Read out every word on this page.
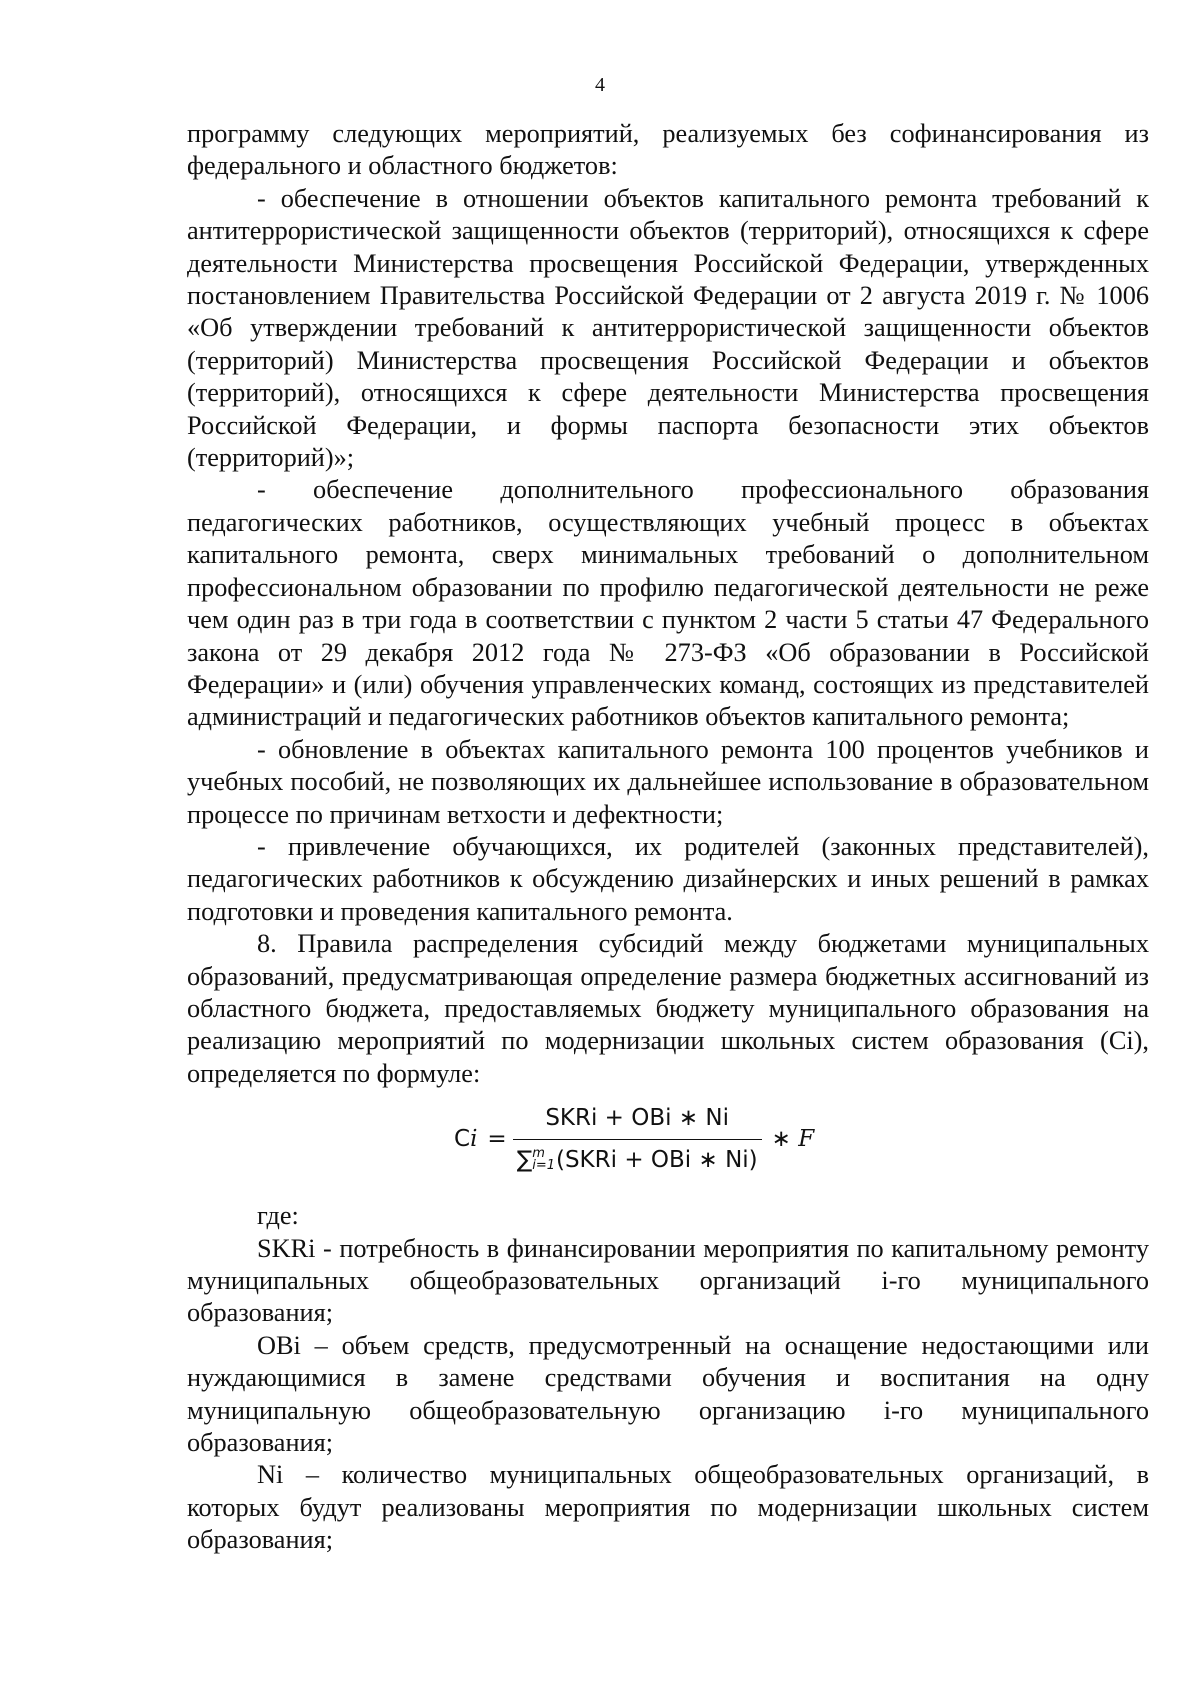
4

программу следующих мероприятий, реализуемых без софинансирования из федерального и областного бюджетов:

- обеспечение в отношении объектов капитального ремонта требований к антитеррористической защищенности объектов (территорий), относящихся к сфере деятельности Министерства просвещения Российской Федерации, утвержденных постановлением Правительства Российской Федерации от 2 августа 2019 г. № 1006 «Об утверждении требований к антитеррористической защищенности объектов (территорий) Министерства просвещения Российской Федерации и объектов (территорий), относящихся к сфере деятельности Министерства просвещения Российской Федерации, и формы паспорта безопасности этих объектов (территорий)»;

- обеспечение дополнительного профессионального образования педагогических работников, осуществляющих учебный процесс в объектах капитального ремонта, сверх минимальных требований о дополнительном профессиональном образовании по профилю педагогической деятельности не реже чем один раз в три года в соответствии с пунктом 2 части 5 статьи 47 Федерального закона от 29 декабря 2012 года № 273-ФЗ «Об образовании в Российской Федерации» и (или) обучения управленческих команд, состоящих из представителей администраций и педагогических работников объектов капитального ремонта;

- обновление в объектах капитального ремонта 100 процентов учебников и учебных пособий, не позволяющих их дальнейшее использование в образовательном процессе по причинам ветхости и дефектности;

- привлечение обучающихся, их родителей (законных представителей), педагогических работников к обсуждению дизайнерских и иных решений в рамках подготовки и проведения капитального ремонта.

8. Правила распределения субсидий между бюджетами муниципальных образований, предусматривающая определение размера бюджетных ассигнований из областного бюджета, предоставляемых бюджету муниципального образования на реализацию мероприятий по модернизации школьных систем образования (Ci), определяется по формуле:

Ci = SKRi + OBi ∗ Ni
∑ m
i=1 (SKRi + OBi ∗ Ni) ∗ F

где:

SKRi - потребность в финансировании мероприятия по капитальному ремонту муниципальных общеобразовательных организаций i-го муниципального образования;

OBi – объем средств, предусмотренный на оснащение недостающими или нуждающимися в замене средствами обучения и воспитания на одну муниципальную общеобразовательную организацию i-го муниципального образования;

Ni – количество муниципальных общеобразовательных организаций, в которых будут реализованы мероприятия по модернизации школьных систем образования;
